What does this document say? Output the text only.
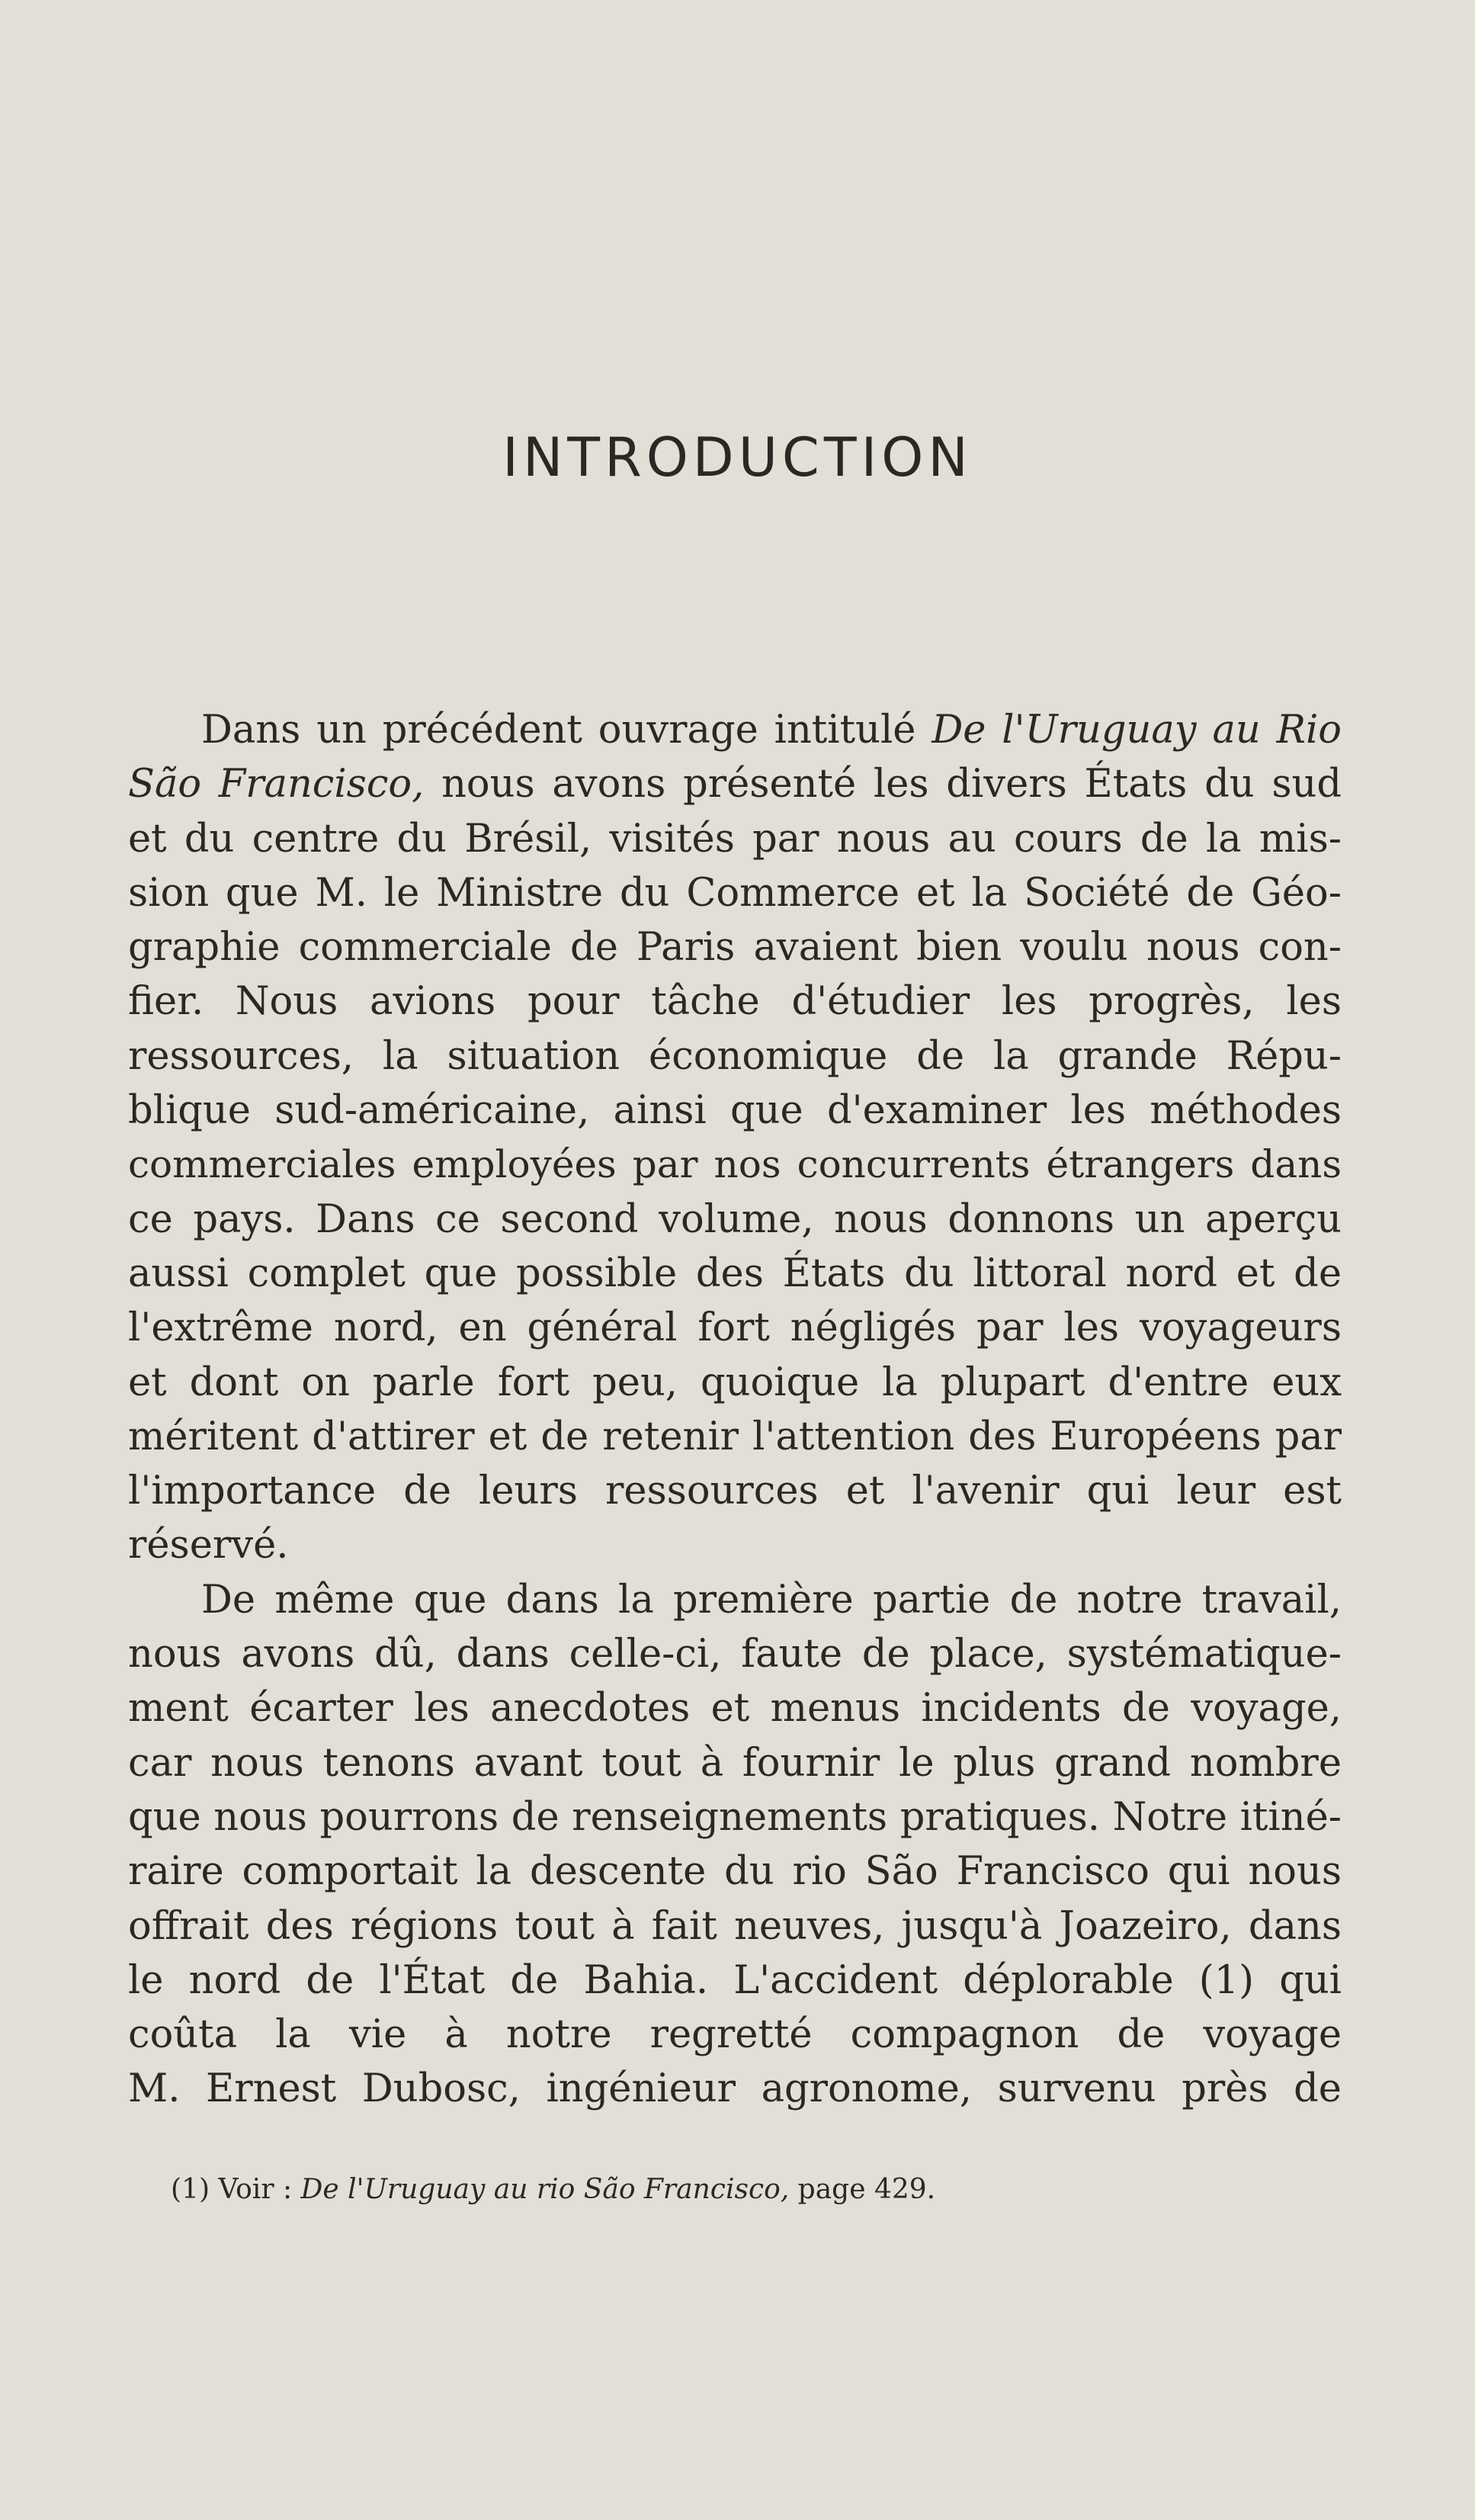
INTRODUCTION
Dans un précédent ouvrage intitulé De l'Uruguay au Rio
São Francisco, nous avons présenté les divers États du sud
et du centre du Brésil, visités par nous au cours de la mis-
sion que M. le Ministre du Commerce et la Société de Géo-
graphie commerciale de Paris avaient bien voulu nous con-
fier. Nous avions pour tâche d'étudier les progrès, les
ressources, la situation économique de la grande Répu-
blique sud-américaine, ainsi que d'examiner les méthodes
commerciales employées par nos concurrents étrangers dans
ce pays. Dans ce second volume, nous donnons un aperçu
aussi complet que possible des États du littoral nord et de
l'extrême nord, en général fort négligés par les voyageurs
et dont on parle fort peu, quoique la plupart d'entre eux
méritent d'attirer et de retenir l'attention des Européens par
l'importance de leurs ressources et l'avenir qui leur est
réservé.
De même que dans la première partie de notre travail,
nous avons dû, dans celle-ci, faute de place, systématique-
ment écarter les anecdotes et menus incidents de voyage,
car nous tenons avant tout à fournir le plus grand nombre
que nous pourrons de renseignements pratiques. Notre itiné-
raire comportait la descente du rio São Francisco qui nous
offrait des régions tout à fait neuves, jusqu'à Joazeiro, dans
le nord de l'État de Bahia. L'accident déplorable (1) qui
coûta la vie à notre regretté compagnon de voyage
M. Ernest Dubosc, ingénieur agronome, survenu près de
(1) Voir : De l'Uruguay au rio São Francisco, page 429.
